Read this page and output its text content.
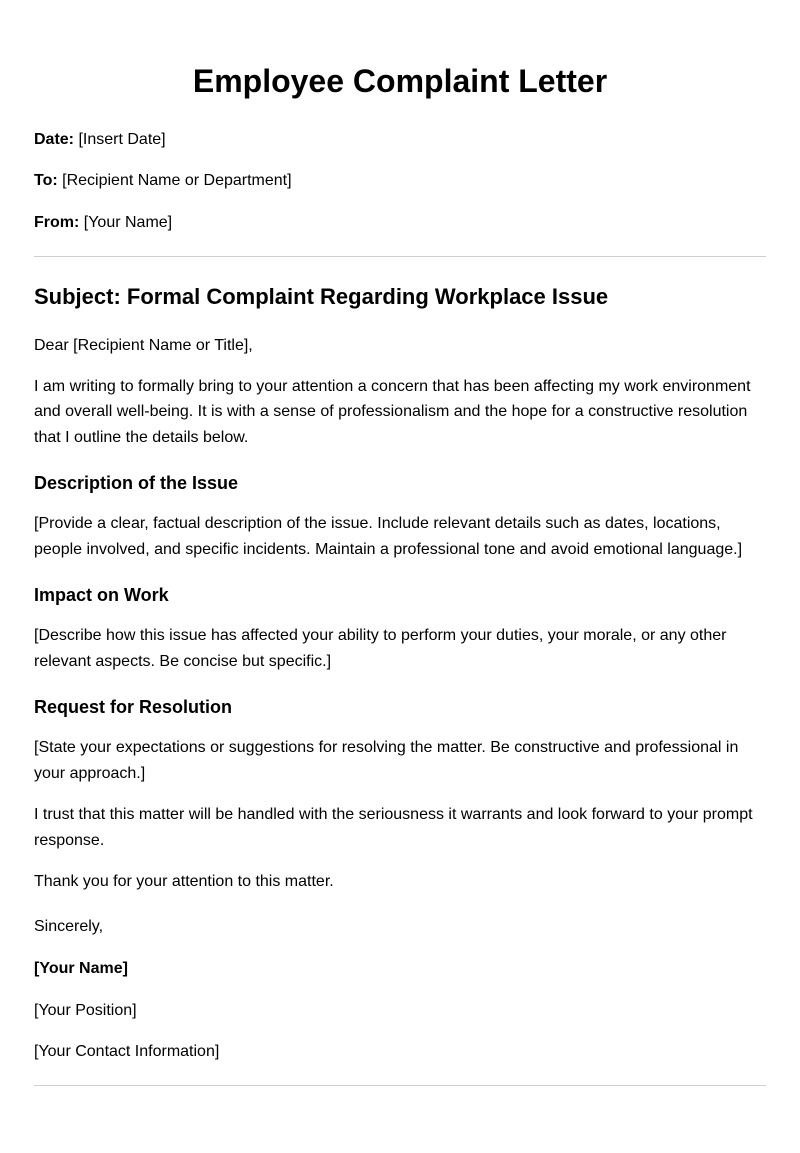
Employee Complaint Letter

Date: [Insert Date]

To: [Recipient Name or Department]

From: [Your Name]

Subject: Formal Complaint Regarding Workplace Issue

Dear [Recipient Name or Title],

I am writing to formally bring to your attention a concern that has been affecting my work environment and overall well-being. It is with a sense of professionalism and the hope for a constructive resolution that I outline the details below.

Description of the Issue

[Provide a clear, factual description of the issue. Include relevant details such as dates, locations, people involved, and specific incidents. Maintain a professional tone and avoid emotional language.]

Impact on Work

[Describe how this issue has affected your ability to perform your duties, your morale, or any other relevant aspects. Be concise but specific.]

Request for Resolution

[State your expectations or suggestions for resolving the matter. Be constructive and professional in your approach.]

I trust that this matter will be handled with the seriousness it warrants and look forward to your prompt response.

Thank you for your attention to this matter.

Sincerely,

[Your Name]

[Your Position]

[Your Contact Information]
